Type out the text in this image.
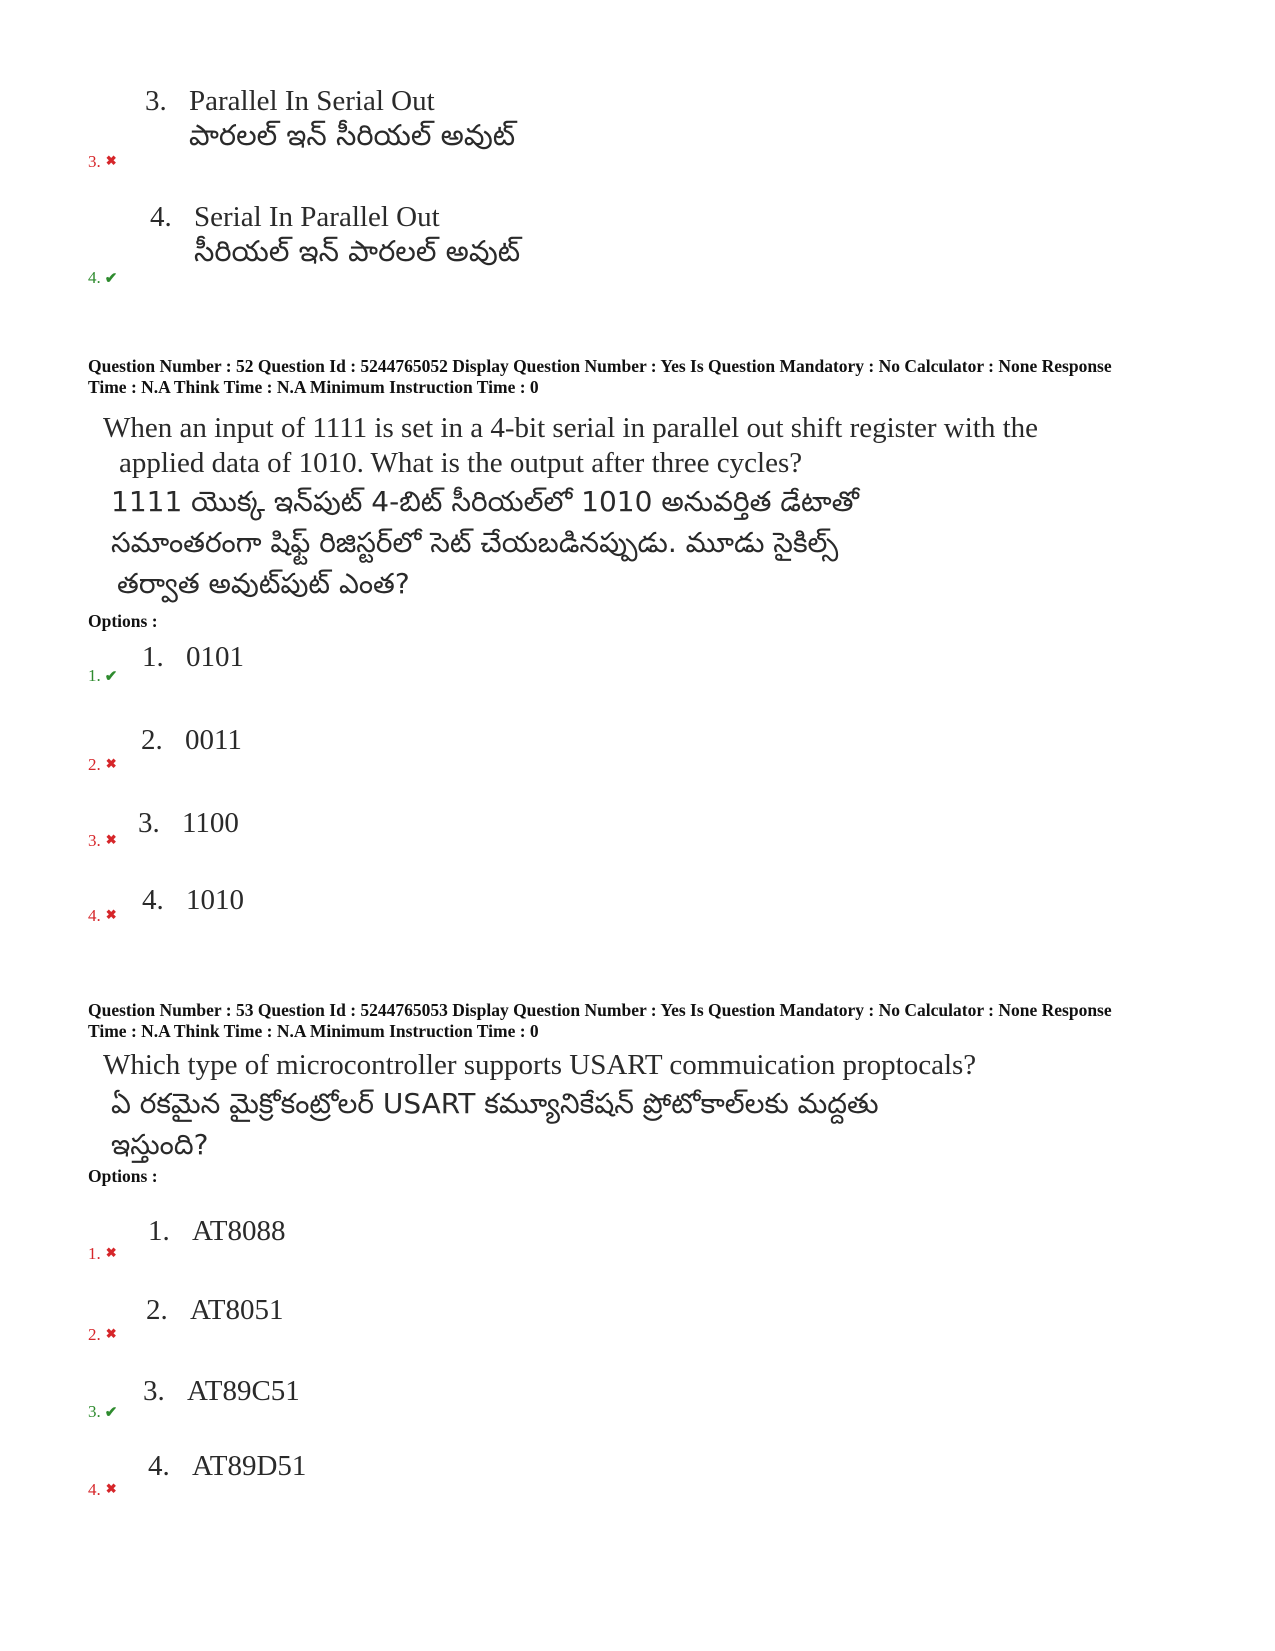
3. Parallel In Serial Out
పారలల్ ఇన్ సీరియల్ అవుట్
3. ✖
4. Serial In Parallel Out
సీరియల్ ఇన్ పారలల్ అవుట్
4. ✔
Question Number : 52 Question Id : 5244765052 Display Question Number : Yes Is Question Mandatory : No Calculator : None Response
Time : N.A Think Time : N.A Minimum Instruction Time : 0
When an input of 1111 is set in a 4-bit serial in parallel out shift register with the
applied data of 1010. What is the output after three cycles?
1111 యొక్క ఇన్‌పుట్ 4-బిట్ సీరియల్‌లో 1010 అనువర్తిత డేటాతో
సమాంతరంగా షిఫ్ట్ రిజిస్టర్‌లో సెట్ చేయబడినప్పుడు. మూడు సైకిల్స్
తర్వాత అవుట్‌పుట్ ఎంత?
Options :
1. 0101
1. ✔
2. 0011
2. ✖
3. 1100
3. ✖
4. 1010
4. ✖
Question Number : 53 Question Id : 5244765053 Display Question Number : Yes Is Question Mandatory : No Calculator : None Response
Time : N.A Think Time : N.A Minimum Instruction Time : 0
Which type of microcontroller supports USART commuication proptocals?
ఏ రకమైన మైక్రోకంట్రోలర్ USART కమ్యూనికేషన్ ప్రోటోకాల్‌లకు మద్దతు
ఇస్తుంది?
Options :
1. AT8088
1. ✖
2. AT8051
2. ✖
3. AT89C51
3. ✔
4. AT89D51
4. ✖
